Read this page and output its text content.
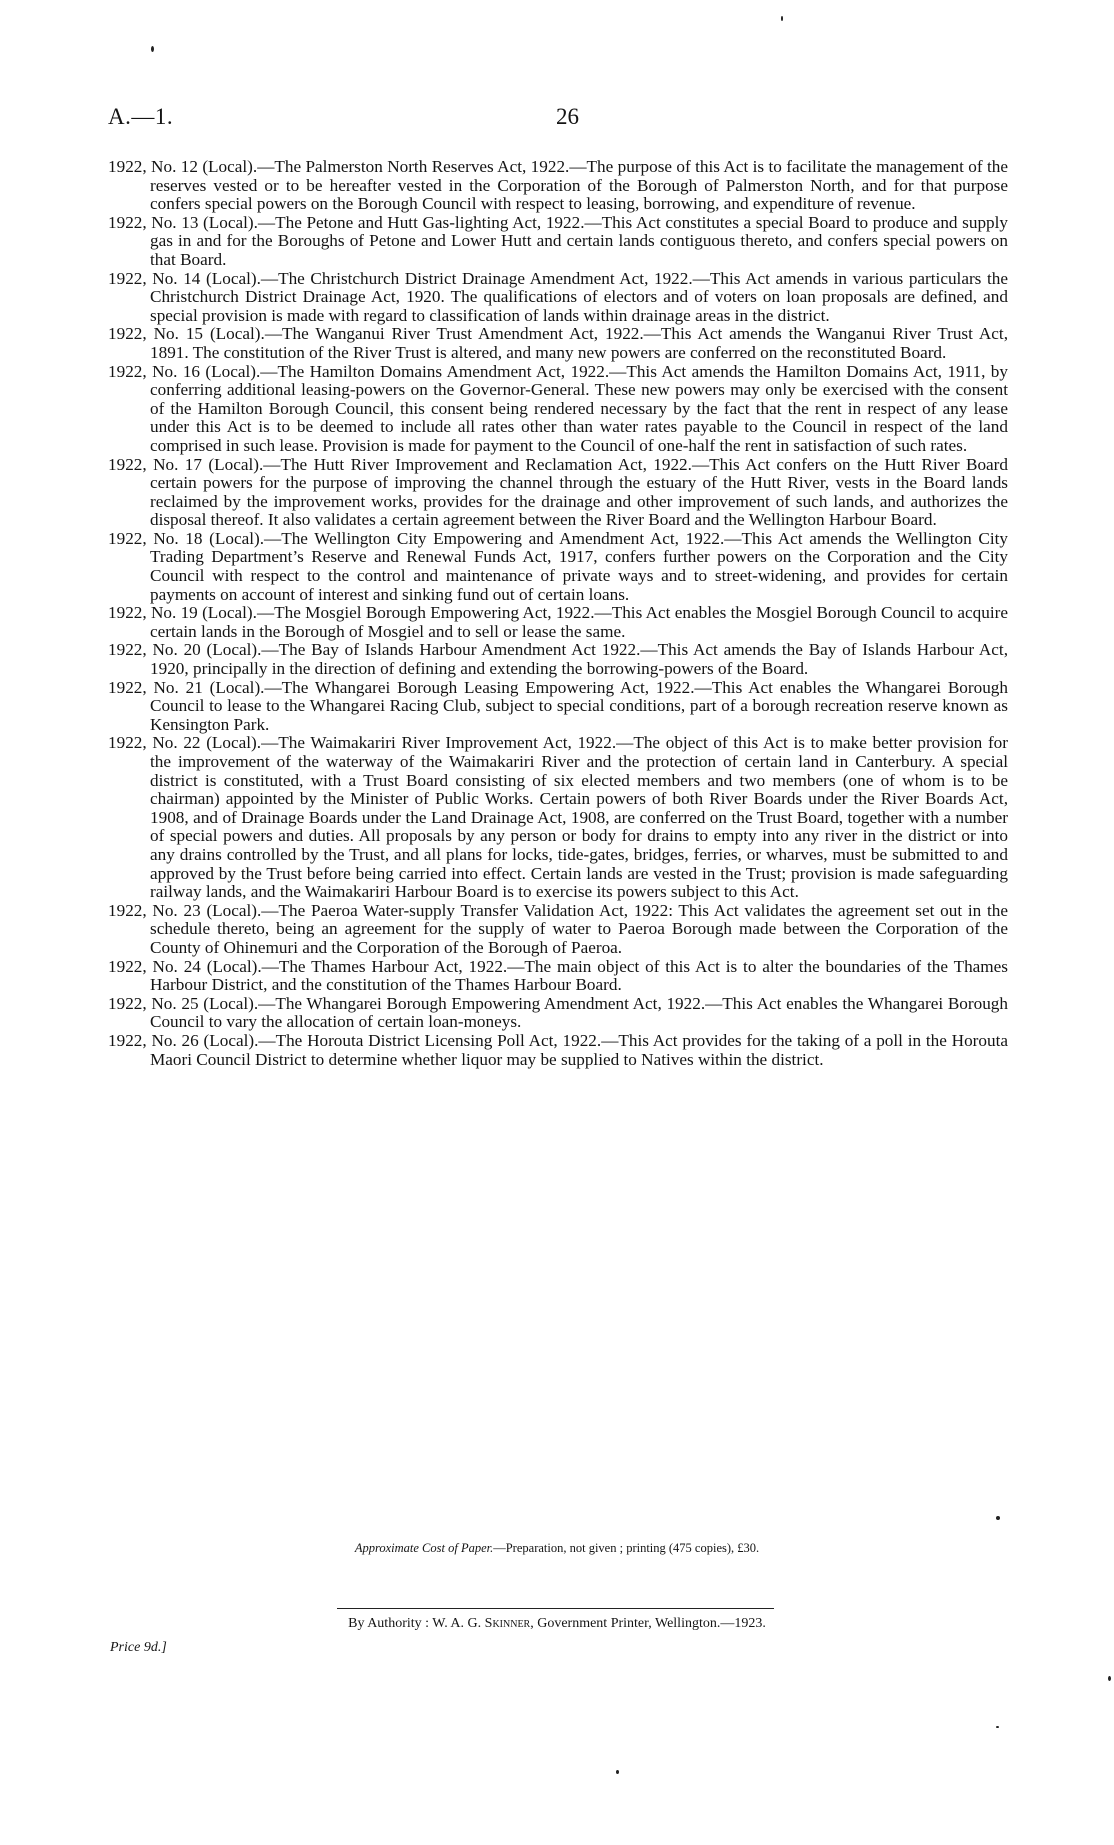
A.—1.	26

1922, No. 12 (Local).—The Palmerston North Reserves Act, 1922.—The purpose of this Act is to facilitate the management of the reserves vested or to be hereafter vested in the Corporation of the Borough of Palmerston North, and for that purpose confers special powers on the Borough Council with respect to leasing, borrowing, and expenditure of revenue.

1922, No. 13 (Local).—The Petone and Hutt Gas-lighting Act, 1922.—This Act constitutes a special Board to produce and supply gas in and for the Boroughs of Petone and Lower Hutt and certain lands contiguous thereto, and confers special powers on that Board.

1922, No. 14 (Local).—The Christchurch District Drainage Amendment Act, 1922.—This Act amends in various particulars the Christchurch District Drainage Act, 1920. The qualifications of electors and of voters on loan proposals are defined, and special provision is made with regard to classification of lands within drainage areas in the district.

1922, No. 15 (Local).—The Wanganui River Trust Amendment Act, 1922.—This Act amends the Wanganui River Trust Act, 1891. The constitution of the River Trust is altered, and many new powers are conferred on the reconstituted Board.

1922, No. 16 (Local).—The Hamilton Domains Amendment Act, 1922.—This Act amends the Hamilton Domains Act, 1911, by conferring additional leasing-powers on the Governor-General. These new powers may only be exercised with the consent of the Hamilton Borough Council, this consent being rendered necessary by the fact that the rent in respect of any lease under this Act is to be deemed to include all rates other than water rates payable to the Council in respect of the land comprised in such lease. Provision is made for payment to the Council of one-half the rent in satisfaction of such rates.

1922, No. 17 (Local).—The Hutt River Improvement and Reclamation Act, 1922.—This Act confers on the Hutt River Board certain powers for the purpose of improving the channel through the estuary of the Hutt River, vests in the Board lands reclaimed by the improvement works, provides for the drainage and other improvement of such lands, and authorizes the disposal thereof. It also validates a certain agreement between the River Board and the Wellington Harbour Board.

1922, No. 18 (Local).—The Wellington City Empowering and Amendment Act, 1922.—This Act amends the Wellington City Trading Department’s Reserve and Renewal Funds Act, 1917, confers further powers on the Corporation and the City Council with respect to the control and maintenance of private ways and to street-widening, and provides for certain payments on account of interest and sinking fund out of certain loans.

1922, No. 19 (Local).—The Mosgiel Borough Empowering Act, 1922.—This Act enables the Mosgiel Borough Council to acquire certain lands in the Borough of Mosgiel and to sell or lease the same.

1922, No. 20 (Local).—The Bay of Islands Harbour Amendment Act 1922.—This Act amends the Bay of Islands Harbour Act, 1920, principally in the direction of defining and extending the borrowing-powers of the Board.

1922, No. 21 (Local).—The Whangarei Borough Leasing Empowering Act, 1922.—This Act enables the Whangarei Borough Council to lease to the Whangarei Racing Club, subject to special conditions, part of a borough recreation reserve known as Kensington Park.

1922, No. 22 (Local).—The Waimakariri River Improvement Act, 1922.—The object of this Act is to make better provision for the improvement of the waterway of the Waimakariri River and the protection of certain land in Canterbury. A special district is constituted, with a Trust Board consisting of six elected members and two members (one of whom is to be chairman) appointed by the Minister of Public Works. Certain powers of both River Boards under the River Boards Act, 1908, and of Drainage Boards under the Land Drainage Act, 1908, are conferred on the Trust Board, together with a number of special powers and duties. All proposals by any person or body for drains to empty into any river in the district or into any drains controlled by the Trust, and all plans for locks, tide-gates, bridges, ferries, or wharves, must be submitted to and approved by the Trust before being carried into effect. Certain lands are vested in the Trust; provision is made safeguarding railway lands, and the Waimakariri Harbour Board is to exercise its powers subject to this Act.

1922, No. 23 (Local).—The Paeroa Water-supply Transfer Validation Act, 1922: This Act validates the agreement set out in the schedule thereto, being an agreement for the supply of water to Paeroa Borough made between the Corporation of the County of Ohinemuri and the Corporation of the Borough of Paeroa.

1922, No. 24 (Local).—The Thames Harbour Act, 1922.—The main object of this Act is to alter the boundaries of the Thames Harbour District, and the constitution of the Thames Harbour Board.

1922, No. 25 (Local).—The Whangarei Borough Empowering Amendment Act, 1922.—This Act enables the Whangarei Borough Council to vary the allocation of certain loan-moneys.

1922, No. 26 (Local).—The Horouta District Licensing Poll Act, 1922.—This Act provides for the taking of a poll in the Horouta Maori Council District to determine whether liquor may be supplied to Natives within the district.

Approximate Cost of Paper.—Preparation, not given ; printing (475 copies), £30.
By Authority : W. A. G. Skinner, Government Printer, Wellington.—1923.
Price 9d.]
